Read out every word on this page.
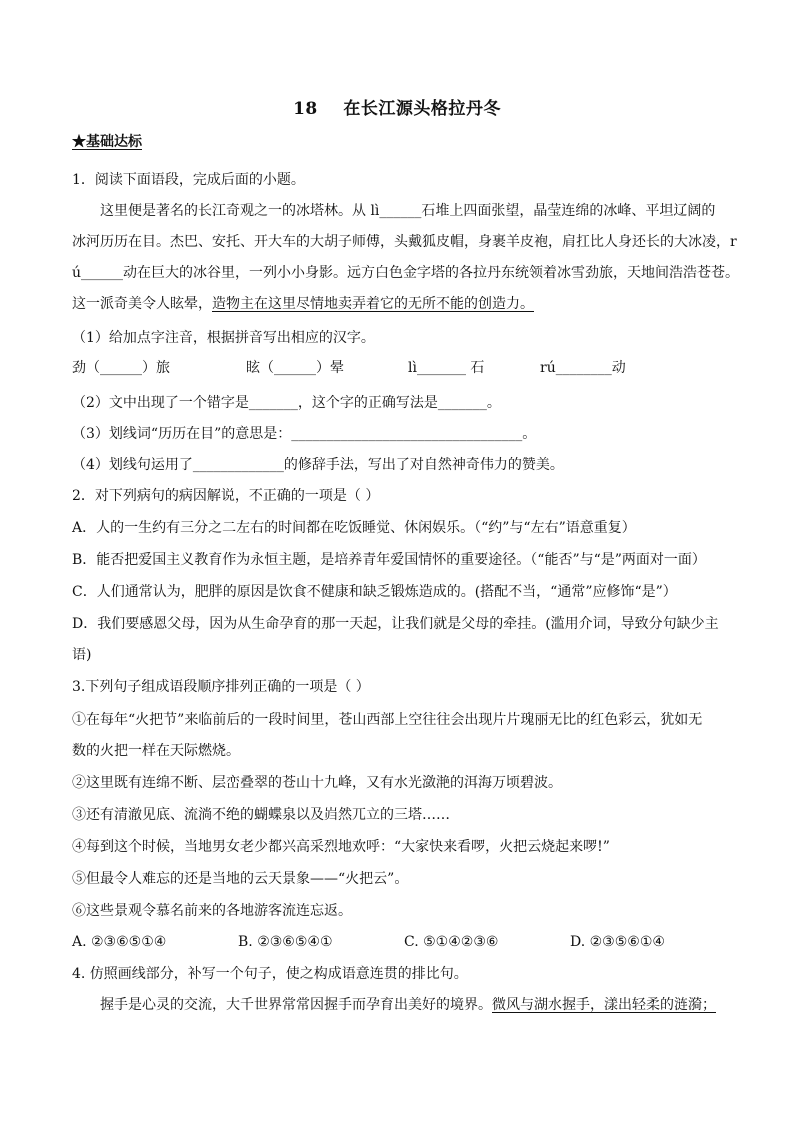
18    在长江源头格拉丹冬
★基础达标
1．阅读下面语段，完成后面的小题。
这里便是著名的长江奇观之一的冰塔林。从 lì______石堆上四面张望，晶莹连绵的冰峰、平坦辽阔的
冰河历历在目。杰巴、安托、开大车的大胡子师傅，头戴狐皮帽，身裹羊皮袍，肩扛比人身还长的大冰凌，r
ú______动在巨大的冰谷里，一列小小身影。远方白色金字塔的各拉丹东统领着冰雪劲旅，天地间浩浩苍苍。
这一派奇美令人眩晕，造物主在这里尽情地卖弄着它的无所不能的创造力。
（1）给加点字注音，根据拼音写出相应的汉字。
劲（______）旅	眩（______）晕	lì_______ 石	rú________动
（2）文中出现了一个错字是_______，这个字的正确写法是_______。
（3）划线词“历历在目”的意思是：_________________________________。
（4）划线句运用了_____________的修辞手法，写出了对自然神奇伟力的赞美。
2．对下列病句的病因解说，不正确的一项是（ ）
A．人的一生约有三分之二左右的时间都在吃饭睡觉、休闲娱乐。（“约”与“左右”语意重复）
B．能否把爱国主义教育作为永恒主题，是培养青年爱国情怀的重要途径。（“能否”与“是”两面对一面）
C．人们通常认为，肥胖的原因是饮食不健康和缺乏锻炼造成的。(搭配不当，“通常”应修饰“是”）
D．我们要感恩父母，因为从生命孕育的那一天起，让我们就是父母的牵挂。(滥用介词，导致分句缺少主
语)
3.下列句子组成语段顺序排列正确的一项是（ ）
①在每年“火把节”来临前后的一段时间里，苍山西部上空往往会出现片片瑰丽无比的红色彩云，犹如无
数的火把一样在天际燃烧。
②这里既有连绵不断、层峦叠翠的苍山十九峰，又有水光潋滟的洱海万顷碧波。
③还有清澈见底、流淌不绝的蝴蝶泉以及岿然兀立的三塔……
④每到这个时候，当地男女老少都兴高采烈地欢呼：“大家快来看啰，火把云烧起来啰!”
⑤但最令人难忘的还是当地的云天景象——“火把云”。
⑥这些景观令慕名前来的各地游客流连忘返。
A. ②③⑥⑤①④	B. ②③⑥⑤④①	C. ⑤①④②③⑥	D. ②③⑤⑥①④
4. 仿照画线部分，补写一个句子，使之构成语意连贯的排比句。
握手是心灵的交流，大千世界常常因握手而孕育出美好的境界。微风与湖水握手，漾出轻柔的涟漪；
